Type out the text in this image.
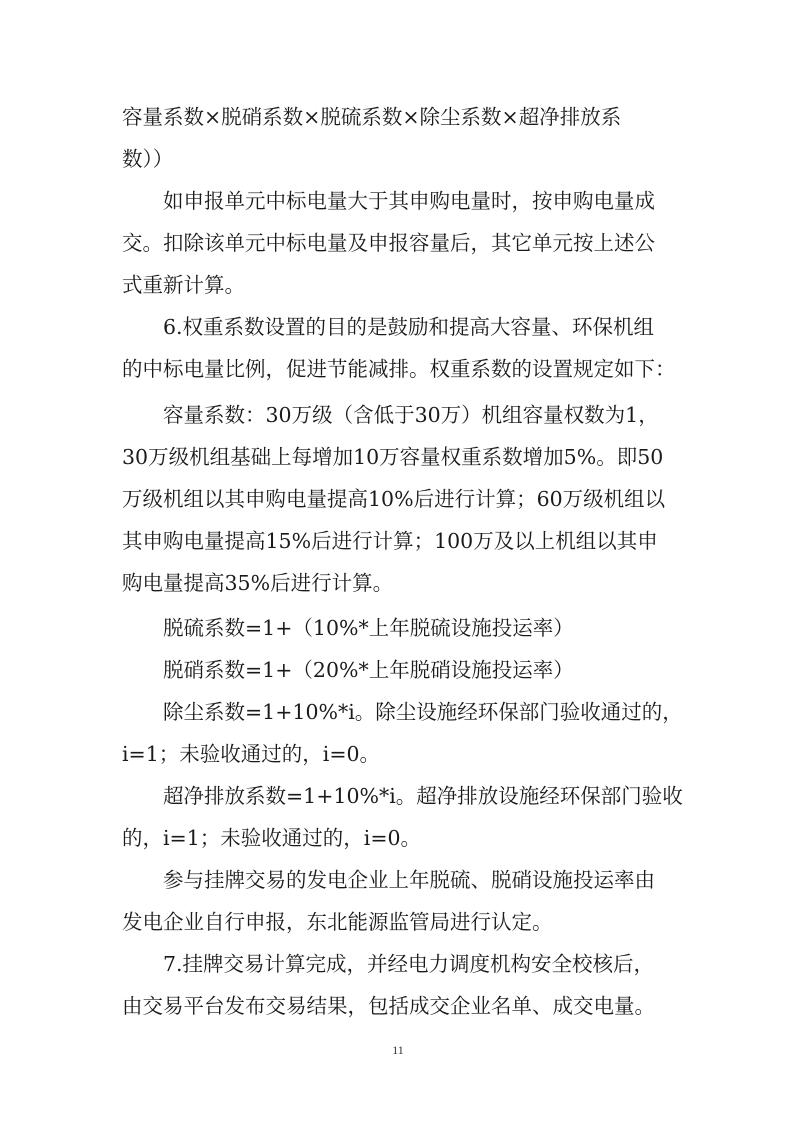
容量系数×脱硝系数×脱硫系数×除尘系数×超净排放系
数））
如申报单元中标电量大于其申购电量时，按申购电量成
交。扣除该单元中标电量及申报容量后，其它单元按上述公
式重新计算。
6.权重系数设置的目的是鼓励和提高大容量、环保机组
的中标电量比例，促进节能减排。权重系数的设置规定如下：
容量系数：30万级（含低于30万）机组容量权数为1，
30万级机组基础上每增加10万容量权重系数增加5%。即50
万级机组以其申购电量提高10%后进行计算；60万级机组以
其申购电量提高15%后进行计算；100万及以上机组以其申
购电量提高35%后进行计算。
脱硫系数=1+（10%*上年脱硫设施投运率）
脱硝系数=1+（20%*上年脱硝设施投运率）
除尘系数=1+10%*i。除尘设施经环保部门验收通过的，
i=1；未验收通过的，i=0。
超净排放系数=1+10%*i。超净排放设施经环保部门验收
的，i=1；未验收通过的，i=0。
参与挂牌交易的发电企业上年脱硫、脱硝设施投运率由
发电企业自行申报，东北能源监管局进行认定。
7.挂牌交易计算完成，并经电力调度机构安全校核后，
由交易平台发布交易结果，包括成交企业名单、成交电量。
11
